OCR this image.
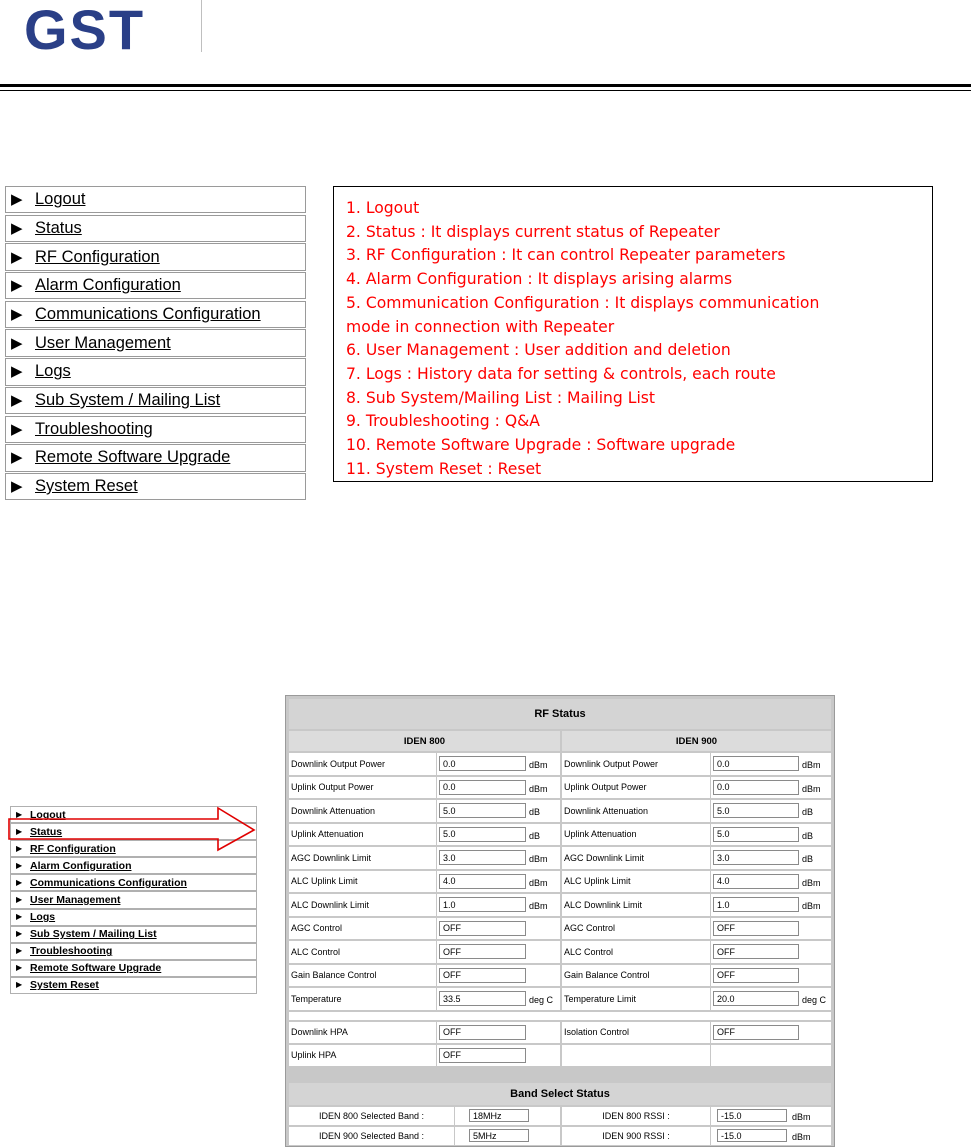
GST
▶
Logout
▶
Status
▶
RF Configuration
▶
Alarm Configuration
▶
Communications Configuration
▶
User Management
▶
Logs
▶
Sub System / Mailing List
▶
Troubleshooting
▶
Remote Software Upgrade
▶
System Reset
1. Logout
2. Status : It displays current status of Repeater
3. RF Configuration : It can control Repeater parameters
4. Alarm Configuration : It displays arising alarms
5. Communication Configuration : It displays communication
mode in connection with Repeater
6. User Management : User addition and deletion
7. Logs : History data for setting & controls, each route
8. Sub System/Mailing List : Mailing List
9. Troubleshooting : Q&A
10. Remote Software Upgrade : Software upgrade
11. System Reset : Reset
▶
Logout
▶
Status
▶
RF Configuration
▶
Alarm Configuration
▶
Communications Configuration
▶
User Management
▶
Logs
▶
Sub System / Mailing List
▶
Troubleshooting
▶
Remote Software Upgrade
▶
System Reset
RF Status
IDEN 800	IDEN 900
Band Select Status
Downlink Output Power	0.0	dBm Downlink Output Power	0.0	dBm
Uplink Output Power	0.0	dBm Uplink Output Power	0.0	dBm
Downlink Attenuation	5.0	dB	Downlink Attenuation	5.0	dB
Uplink Attenuation	5.0	dB	Uplink Attenuation	5.0	dB
AGC Downlink Limit	3.0	dBm AGC Downlink Limit	3.0	dB
ALC Uplink Limit	4.0	dBm ALC Uplink Limit	4.0	dBm
ALC Downlink Limit	1.0	dBm ALC Downlink Limit	1.0	dBm
AGC Control	OFF	AGC Control	OFF
ALC Control	OFF	ALC Control	OFF
Gain Balance Control	OFF	Gain Balance Control	OFF
Temperature	33.5	deg C Temperature Limit	20.0	deg C
Downlink HPA	OFF	Isolation Control	OFF
Uplink HPA	OFF
IDEN 800 Selected Band :	18MHz	IDEN 800 RSSI :	-15.0	dBm
IDEN 900 Selected Band :	5MHz	IDEN 900 RSSI :	-15.0	dBm
